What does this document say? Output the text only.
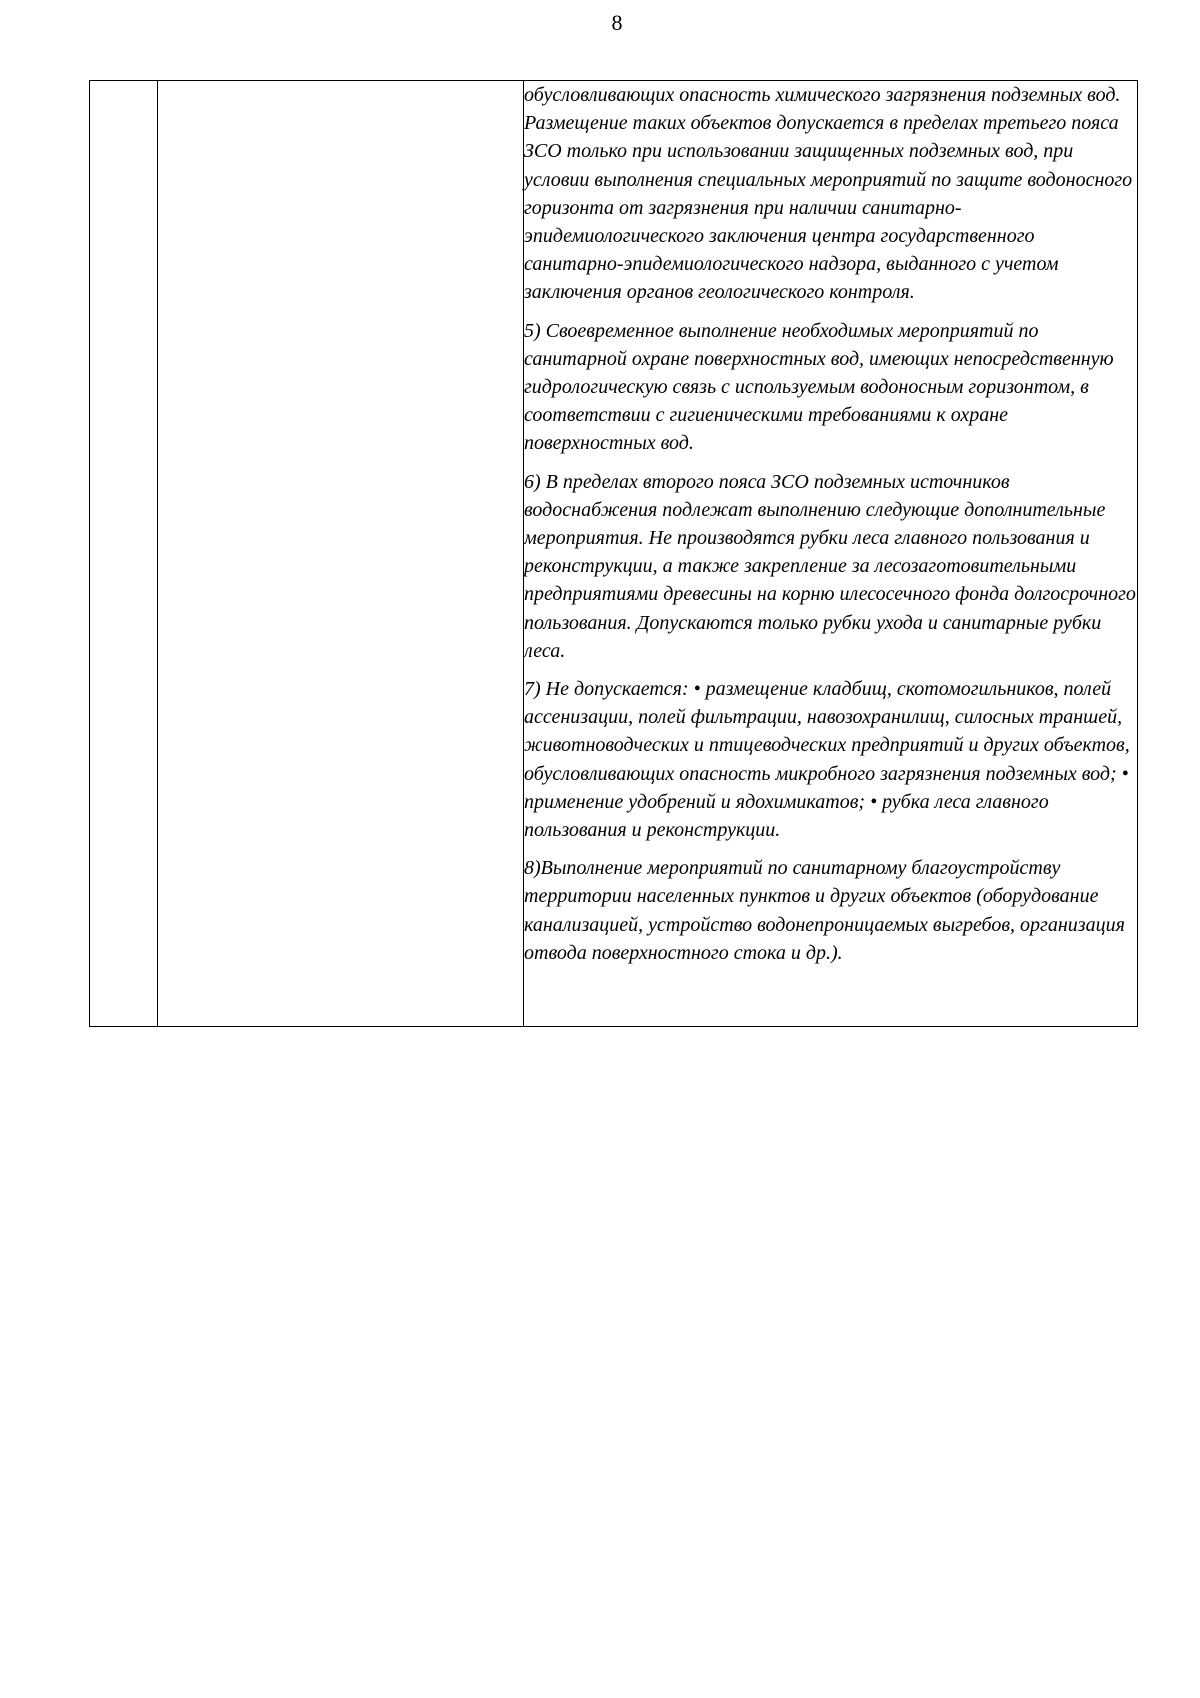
8

обусловливающих опасность химического загрязнения подземных вод. Размещение таких объектов допускается в пределах третьего пояса ЗСО только при использовании защищенных подземных вод, при условии выполнения специальных мероприятий по защите водоносного горизонта от загрязнения при наличии санитарно-эпидемиологического заключения центра государственного санитарно-эпидемиологического надзора, выданного с учетом заключения органов геологического контроля.

5) Своевременное выполнение необходимых мероприятий по санитарной охране поверхностных вод, имеющих непосредственную гидрологическую связь с используемым водоносным горизонтом, в соответствии с гигиеническими требованиями к охране поверхностных вод.

6) В пределах второго пояса ЗСО подземных источников водоснабжения подлежат выполнению следующие дополнительные мероприятия. Не производятся рубки леса главного пользования и реконструкции, а также закрепление за лесозаготовительными предприятиями древесины на корню илесосечного фонда долгосрочного пользования. Допускаются только рубки ухода и санитарные рубки леса.

7) Не допускается: • размещение кладбищ, скотомогильников, полей ассенизации, полей фильтрации, навозохранилищ, силосных траншей, животноводческих и птицеводческих предприятий и других объектов, обусловливающих опасность микробного загрязнения подземных вод; • применение удобрений и ядохимикатов; • рубка леса главного пользования и реконструкции.

8)Выполнение мероприятий по санитарному благоустройству территории населенных пунктов и других объектов (оборудование канализацией, устройство водонепроницаемых выгребов, организация отвода поверхностного стока и др.).
